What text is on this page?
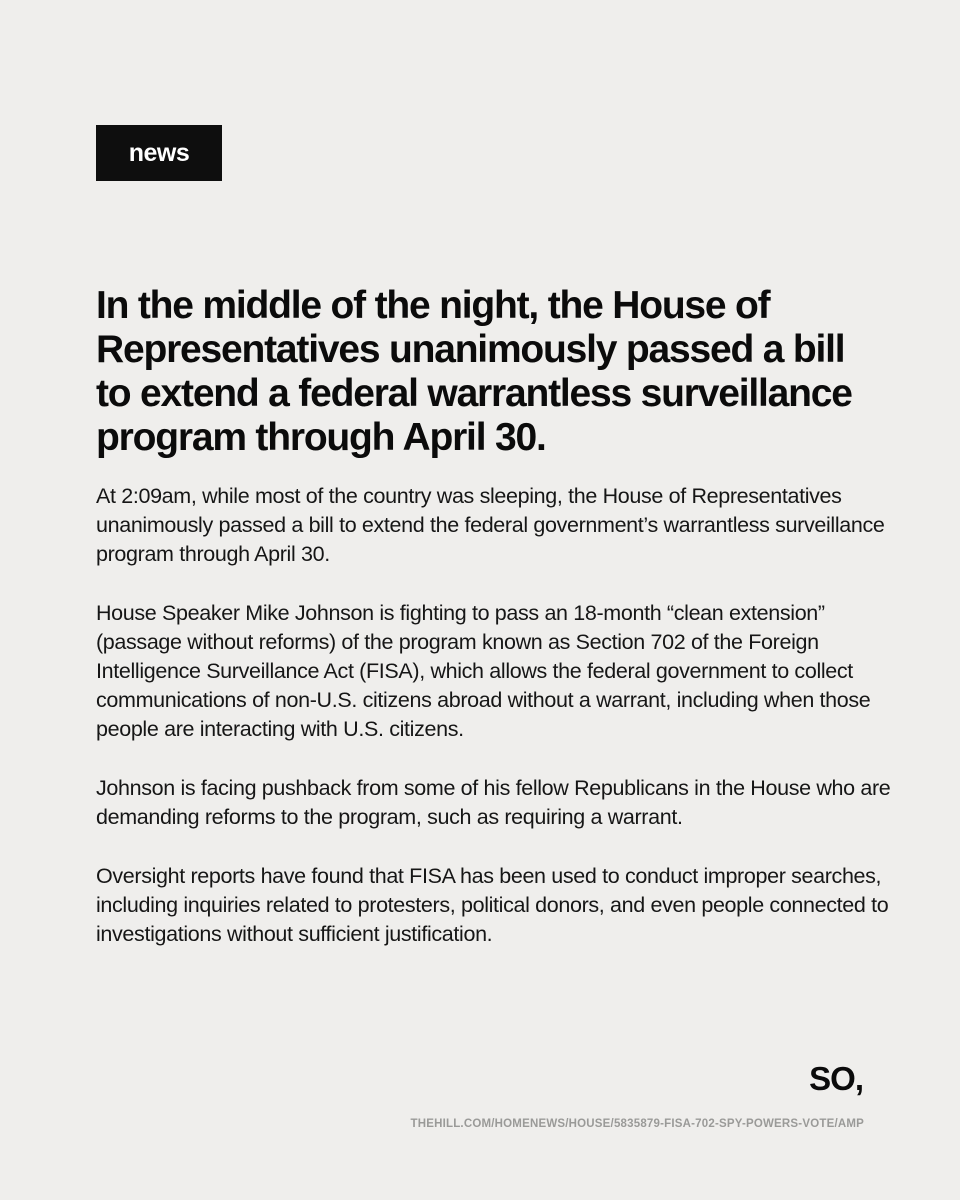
news
In the middle of the night, the House of Representatives unanimously passed a bill to extend a federal warrantless surveillance program through April 30.

At 2:09am, while most of the country was sleeping, the House of Representatives unanimously passed a bill to extend the federal government’s warrantless surveillance program through April 30.

House Speaker Mike Johnson is fighting to pass an 18-month “clean extension” (passage without reforms) of the program known as Section 702 of the Foreign Intelligence Surveillance Act (FISA), which allows the federal government to collect communications of non-U.S. citizens abroad without a warrant, including when those people are interacting with U.S. citizens.

Johnson is facing pushback from some of his fellow Republicans in the House who are demanding reforms to the program, such as requiring a warrant.

Oversight reports have found that FISA has been used to conduct improper searches, including inquiries related to protesters, political donors, and even people connected to investigations without sufficient justification.

SO,
THEHILL.COM/HOMENEWS/HOUSE/5835879-FISA-702-SPY-POWERS-VOTE/AMP
